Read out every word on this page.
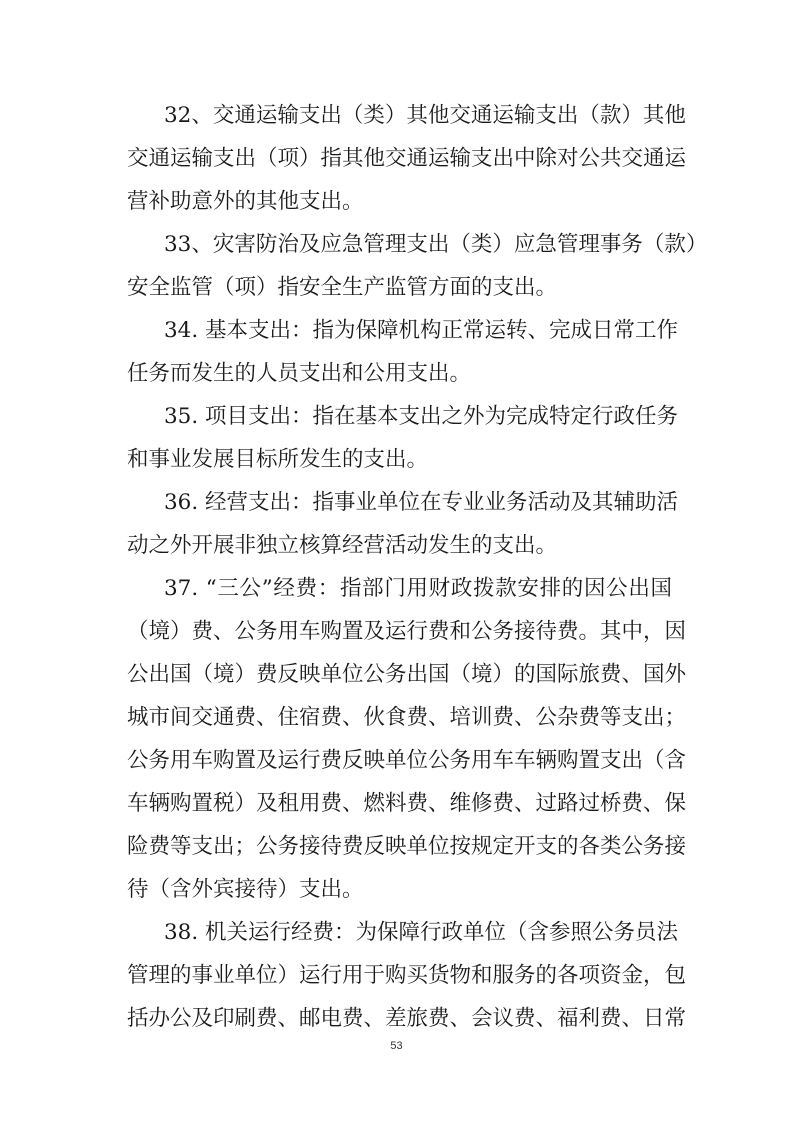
32、交通运输支出（类）其他交通运输支出（款）其他
交通运输支出（项）指其他交通运输支出中除对公共交通运
营补助意外的其他支出。
33、灾害防治及应急管理支出（类）应急管理事务（款）
安全监管（项）指安全生产监管方面的支出。
34. 基本支出：指为保障机构正常运转、完成日常工作
任务而发生的人员支出和公用支出。
35. 项目支出：指在基本支出之外为完成特定行政任务
和事业发展目标所发生的支出。
36. 经营支出：指事业单位在专业业务活动及其辅助活
动之外开展非独立核算经营活动发生的支出。
37. “三公”经费：指部门用财政拨款安排的因公出国
（境）费、公务用车购置及运行费和公务接待费。其中，因
公出国（境）费反映单位公务出国（境）的国际旅费、国外
城市间交通费、住宿费、伙食费、培训费、公杂费等支出；
公务用车购置及运行费反映单位公务用车车辆购置支出（含
车辆购置税）及租用费、燃料费、维修费、过路过桥费、保
险费等支出；公务接待费反映单位按规定开支的各类公务接
待（含外宾接待）支出。
38. 机关运行经费：为保障行政单位（含参照公务员法
管理的事业单位）运行用于购买货物和服务的各项资金，包
括办公及印刷费、邮电费、差旅费、会议费、福利费、日常
53
